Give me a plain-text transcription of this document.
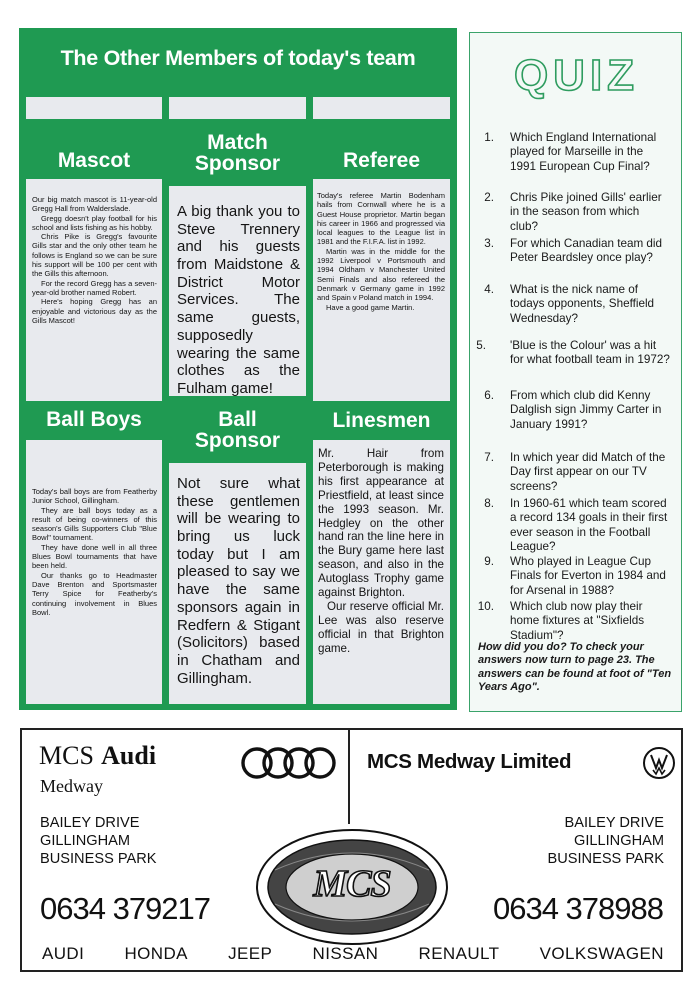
The Other Members of today's team
Mascot
Match Sponsor	Referee

Our big match mascot is 11-year-old Gregg Hall from Walderslade.

Gregg doesn't play football for his school and lists fishing as his hobby.

Chris Pike is Gregg's favourite Gills star and the only other team he follows is England so we can be sure his support will be 100 per cent with the Gills this afternoon.

For the record Gregg has a seven-year-old brother named Robert.

Here's hoping Gregg has an enjoyable and victorious day as the Gills Mascot!

A big thank you to Steve Trennery and his guests from Maidstone & District Motor Services. The same guests, supposedly wearing the same clothes as the Fulham game!

Today's referee Martin Bodenham hails from Cornwall where he is a Guest House proprietor. Martin began his career in 1966 and progressed via local leagues to the League list in 1981 and the F.I.F.A. list in 1992.

Martin was in the middle for the 1992 Liverpool v Portsmouth and 1994 Oldham v Manchester United Semi Finals and also refereed the Denmark v Germany game in 1992 and Spain v Poland match in 1994.

Have a good game Martin.

Ball Boys	Ball Sponsor
Linesmen

Today's ball boys are from Featherby Junior School, Gillingham.

They are ball boys today as a result of being co-winners of this season's Gills Supporters Club "Blue Bowl" tournament.

They have done well in all three Blues Bowl tournaments that have been held.

Our thanks go to Headmaster Dave Brenton and Sportsmaster Terry Spice for Featherby's continuing involvement in Blues Bowl.

Not sure what these gentlemen will be wearing to bring us luck today but I am pleased to say we have the same sponsors again in Redfern & Stigant (Solicitors) based in Chatham and Gillingham.

Mr. Hair from Peterborough is making his first appearance at Priestfield, at least since the 1993 season. Mr. Hedgley on the other hand ran the line here in the Bury game here last season, and also in the Autoglass Trophy game against Brighton.

Our reserve official Mr. Lee was also reserve official in that Brighton game.

QUIZ
1. Which England International played for Marseille in the 1991 European Cup Final?
2. Chris Pike joined Gills' earlier in the season from which club?
3. For which Canadian team did Peter Beardsley once play?
4. What is the nick name of todays opponents, Sheffield Wednesday?
5. 'Blue is the Colour' was a hit for what football team in 1972?
6. From which club did Kenny Dalglish sign Jimmy Carter in January 1991?
7. In which year did Match of the Day first appear on our TV screens?
8. In 1960-61 which team scored a record 134 goals in their first ever season in the Football League?
9. Who played in League Cup Finals for Everton in 1984 and for Arsenal in 1988?
10. Which club now play their home fixtures at "Sixfields Stadium"?
How did you do? To check your answers now turn to page 23. The answers can be found at foot of "Ten Years Ago".
MCS
MCS Audi
Medway
BAILEY DRIVE
GILLINGHAM
BUSINESS PARK
0634 379217
MCS Medway Limited
BAILEY DRIVE
GILLINGHAM
BUSINESS PARK
0634 378988
AUDI HONDA JEEP NISSAN RENAULT VOLKSWAGEN
